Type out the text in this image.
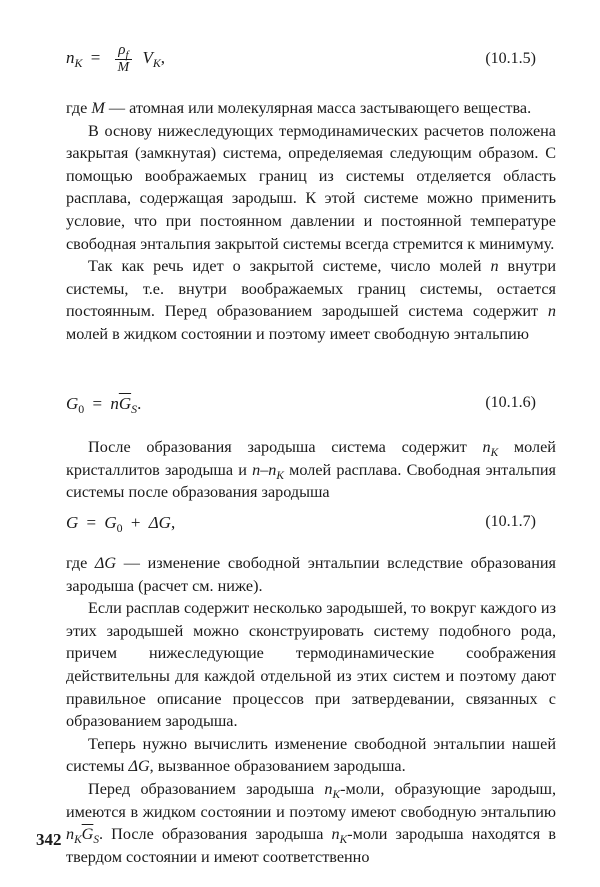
$n_K = \frac{\rho_f}{M} V_K$,	(10.1.5)

где M — атомная или молекулярная масса застывающего вещества.

В основу нижеследующих термодинамических расчетов положена закрытая (замкнутая) система, определяемая следующим образом. С помощью воображаемых границ из системы отделяется область расплава, содержащая зародыш. К этой системе можно применить условие, что при постоянном давлении и постоянной температуре свободная энтальпия закрытой системы всегда стремится к минимуму.

Так как речь идет о закрытой системе, число молей n внутри системы, т.е. внутри воображаемых границ системы, остается постоянным. Перед образованием зародышей система содержит n молей в жидком состоянии и поэтому имеет свободную энтальпию

$G_0 = n\overline{G}_S$.	(10.1.6)

После образования зародыша система содержит $n_K$ молей кристаллитов зародыша и $n-n_K$ молей расплава. Свободная энтальпия системы после образования зародыша

$G = G_0 + \Delta G$,	(10.1.7)

где ΔG — изменение свободной энтальпии вследствие образования зародыша (расчет см. ниже).

Если расплав содержит несколько зародышей, то вокруг каждого из этих зародышей можно сконструировать систему подобного рода, причем нижеследующие термодинамические соображения действительны для каждой отдельной из этих систем и поэтому дают правильное описание процессов при затвердевании, связанных с образованием зародыша.

Теперь нужно вычислить изменение свободной энтальпии нашей системы ΔG, вызванное образованием зародыша.

Перед образованием зародыша $n_K$-моли, образующие зародыш, имеются в жидком состоянии и поэтому имеют свободную энтальпию $n_K\overline{G}_S$. После образования зародыша $n_K$-моли зародыша находятся в твердом состоянии и имеют соответственно

342
